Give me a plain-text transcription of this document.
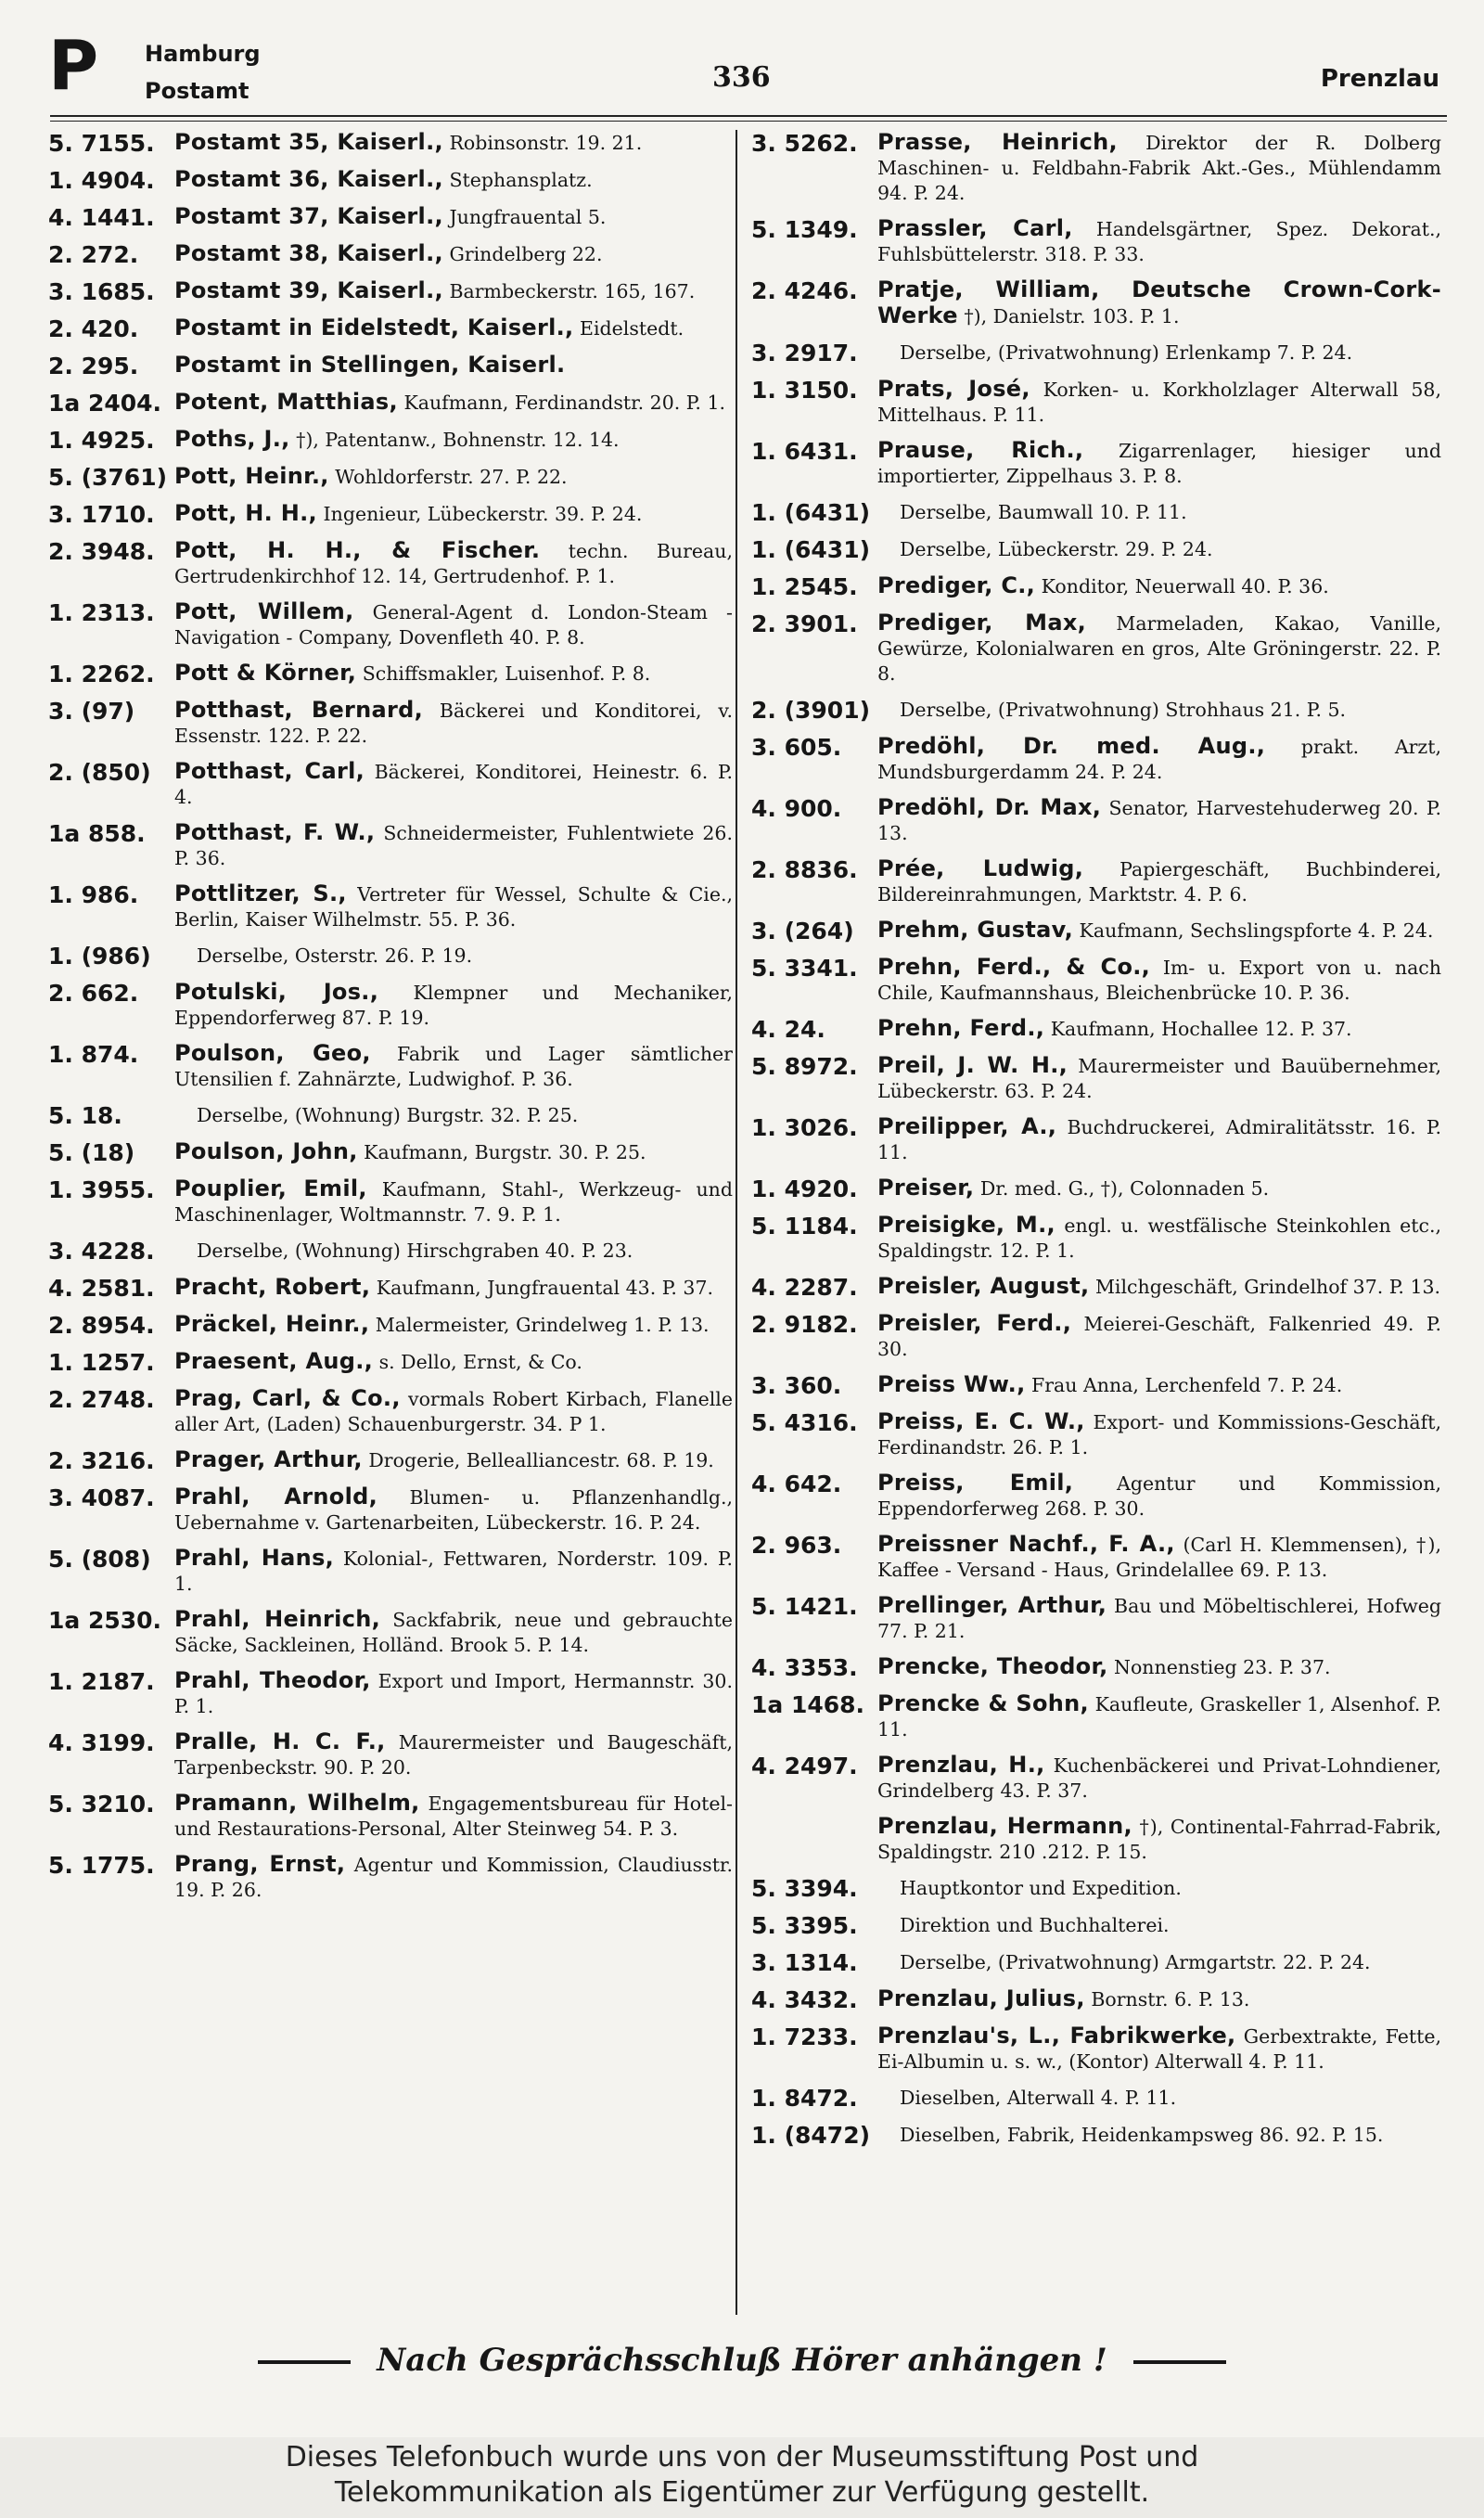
P Hamburg
Postamt	336	Prenzlau
5. 7155. Postamt 35, Kaiserl., Robinsonstr. 19. 21.
1. 4904. Postamt 36, Kaiserl., Stephansplatz.
4. 1441. Postamt 37, Kaiserl., Jungfrauental 5.
2. 272.	Postamt 38, Kaiserl., Grindelberg 22.
3. 1685. Postamt 39, Kaiserl., Barmbeckerstr. 165, 167.
2. 420.	Postamt in Eidelstedt, Kaiserl., Eidelstedt.
2. 295.	Postamt in Stellingen, Kaiserl.
1a 2404. Potent, Matthias, Kaufmann, Ferdinandstr. 20. P. 1.
1. 4925. Poths, J., †), Patentanw., Bohnenstr. 12. 14.
5. (3761) Pott, Heinr., Wohldorferstr. 27. P. 22.
3. 1710. Pott, H. H., Ingenieur, Lübeckerstr. 39. P. 24.
2. 3948. Pott, H. H., & Fischer. techn. Bureau, Gertrudenkirchhof 12. 14, Gertrudenhof. P. 1.
1. 2313. Pott, Willem, General-Agent d. London-Steam - Navigation - Company, Dovenfleth 40. P. 8.
1. 2262. Pott & Körner, Schiffsmakler, Luisenhof. P. 8.
3. (97)	Potthast, Bernard, Bäckerei und Konditorei, v. Essenstr. 122. P. 22.
2. (850)	Potthast, Carl, Bäckerei, Konditorei, Heinestr. 6. P. 4.
1a 858.	Potthast, F. W., Schneidermeister, Fuhlentwiete 26. P. 36.
1. 986.	Pottlitzer, S., Vertreter für Wessel, Schulte & Cie., Berlin, Kaiser Wilhelmstr. 55. P. 36.
1. (986)	Derselbe, Osterstr. 26. P. 19.
2. 662.	Potulski, Jos., Klempner und Mechaniker, Eppendorferweg 87. P. 19.
1. 874.	Poulson, Geo, Fabrik und Lager sämtlicher Utensilien f. Zahnärzte, Ludwighof. P. 36.
5. 18.	Derselbe, (Wohnung) Burgstr. 32. P. 25.
5. (18)	Poulson, John, Kaufmann, Burgstr. 30. P. 25.
1. 3955. Pouplier, Emil, Kaufmann, Stahl-, Werkzeug- und Maschinenlager, Woltmannstr. 7. 9. P. 1.
3. 4228.	Derselbe, (Wohnung) Hirschgraben 40. P. 23.
4. 2581. Pracht, Robert, Kaufmann, Jungfrauental 43. P. 37.
2. 8954. Präckel, Heinr., Malermeister, Grindelweg 1. P. 13.
1. 1257. Praesent, Aug., s. Dello, Ernst, & Co.
2. 2748. Prag, Carl, & Co., vormals Robert Kirbach, Flanelle aller Art, (Laden) Schauenburgerstr. 34. P 1.
2. 3216. Prager, Arthur, Drogerie, Bellealliancestr. 68. P. 19.
3. 4087. Prahl, Arnold, Blumen- u. Pflanzenhandlg., Uebernahme v. Gartenarbeiten, Lübeckerstr. 16. P. 24.
5. (808)	Prahl, Hans, Kolonial-, Fettwaren, Norderstr. 109. P. 1.
1a 2530. Prahl, Heinrich, Sackfabrik, neue und gebrauchte Säcke, Sackleinen, Holländ. Brook 5. P. 14.
1. 2187. Prahl, Theodor, Export und Import, Hermannstr. 30. P. 1.
4. 3199. Pralle, H. C. F., Maurermeister und Baugeschäft, Tarpenbeckstr. 90. P. 20.
5. 3210. Pramann, Wilhelm, Engagementsbureau für Hotel- und Restaurations-Personal, Alter Steinweg 54. P. 3.
5. 1775. Prang, Ernst, Agentur und Kommission, Claudiusstr. 19. P. 26.
3. 5262. Prasse, Heinrich, Direktor der R. Dolberg Maschinen- u. Feldbahn-Fabrik Akt.-Ges., Mühlendamm 94. P. 24.
5. 1349. Prassler, Carl, Handelsgärtner, Spez. Dekorat., Fuhlsbüttelerstr. 318. P. 33.
2. 4246. Pratje, William, Deutsche Crown-Cork-Werke †), Danielstr. 103. P. 1.
3. 2917.	Derselbe, (Privatwohnung) Erlenkamp 7. P. 24.
1. 3150. Prats, José, Korken- u. Korkholzlager Alterwall 58, Mittelhaus. P. 11.
1. 6431. Prause, Rich., Zigarrenlager, hiesiger und importierter, Zippelhaus 3. P. 8.
1. (6431)	Derselbe, Baumwall 10. P. 11.
1. (6431)	Derselbe, Lübeckerstr. 29. P. 24.
1. 2545. Prediger, C., Konditor, Neuerwall 40. P. 36.
2. 3901. Prediger, Max, Marmeladen, Kakao, Vanille, Gewürze, Kolonialwaren en gros, Alte Gröningerstr. 22. P. 8.
2. (3901)	Derselbe, (Privatwohnung) Strohhaus 21. P. 5.
3. 605.	Predöhl, Dr. med. Aug., prakt. Arzt, Mundsburgerdamm 24. P. 24.
4. 900.	Predöhl, Dr. Max, Senator, Harvestehuderweg 20. P. 13.
2. 8836. Prée, Ludwig, Papiergeschäft, Buchbinderei, Bildereinrahmungen, Marktstr. 4. P. 6.
3. (264)	Prehm, Gustav, Kaufmann, Sechslingspforte 4. P. 24.
5. 3341. Prehn, Ferd., & Co., Im- u. Export von u. nach Chile, Kaufmannshaus, Bleichenbrücke 10. P. 36.
4. 24.	Prehn, Ferd., Kaufmann, Hochallee 12. P. 37.
5. 8972. Preil, J. W. H., Maurermeister und Bauübernehmer, Lübeckerstr. 63. P. 24.
1. 3026. Preilipper, A., Buchdruckerei, Admiralitätsstr. 16. P. 11.
1. 4920. Preiser, Dr. med. G., †), Colonnaden 5.
5. 1184. Preisigke, M., engl. u. westfälische Steinkohlen etc., Spaldingstr. 12. P. 1.
4. 2287. Preisler, August, Milchgeschäft, Grindelhof 37. P. 13.
2. 9182. Preisler, Ferd., Meierei-Geschäft, Falkenried 49. P. 30.
3. 360.	Preiss Ww., Frau Anna, Lerchenfeld 7. P. 24.
5. 4316. Preiss, E. C. W., Export- und Kommissions-Geschäft, Ferdinandstr. 26. P. 1.
4. 642.	Preiss, Emil, Agentur und Kommission, Eppendorferweg 268. P. 30.
2. 963.	Preissner Nachf., F. A., (Carl H. Klemmensen), †), Kaffee - Versand - Haus, Grindelallee 69. P. 13.
5. 1421. Prellinger, Arthur, Bau und Möbeltischlerei, Hofweg 77. P. 21.
4. 3353. Prencke, Theodor, Nonnenstieg 23. P. 37.
1a 1468. Prencke & Sohn, Kaufleute, Graskeller 1, Alsenhof. P. 11.
4. 2497. Prenzlau, H., Kuchenbäckerei und Privat-Lohndiener, Grindelberg 43. P. 37.
Prenzlau, Hermann, †), Continental-Fahrrad-Fabrik, Spaldingstr. 210 .212. P. 15.
5. 3394.	Hauptkontor und Expedition.
5. 3395.	Direktion und Buchhalterei.
3. 1314.	Derselbe, (Privatwohnung) Armgartstr. 22. P. 24.
4. 3432. Prenzlau, Julius, Bornstr. 6. P. 13.
1. 7233. Prenzlau's, L., Fabrikwerke, Gerbextrakte, Fette, Ei-Albumin u. s. w., (Kontor) Alterwall 4. P. 11.
1. 8472.	Dieselben, Alterwall 4. P. 11.
1. (8472)	Dieselben, Fabrik, Heidenkampsweg 86. 92. P. 15.
Nach Gesprächsschluß Hörer anhängen !
Dieses Telefonbuch wurde uns von der Museumsstiftung Post und
Telekommunikation als Eigentümer zur Verfügung gestellt.
